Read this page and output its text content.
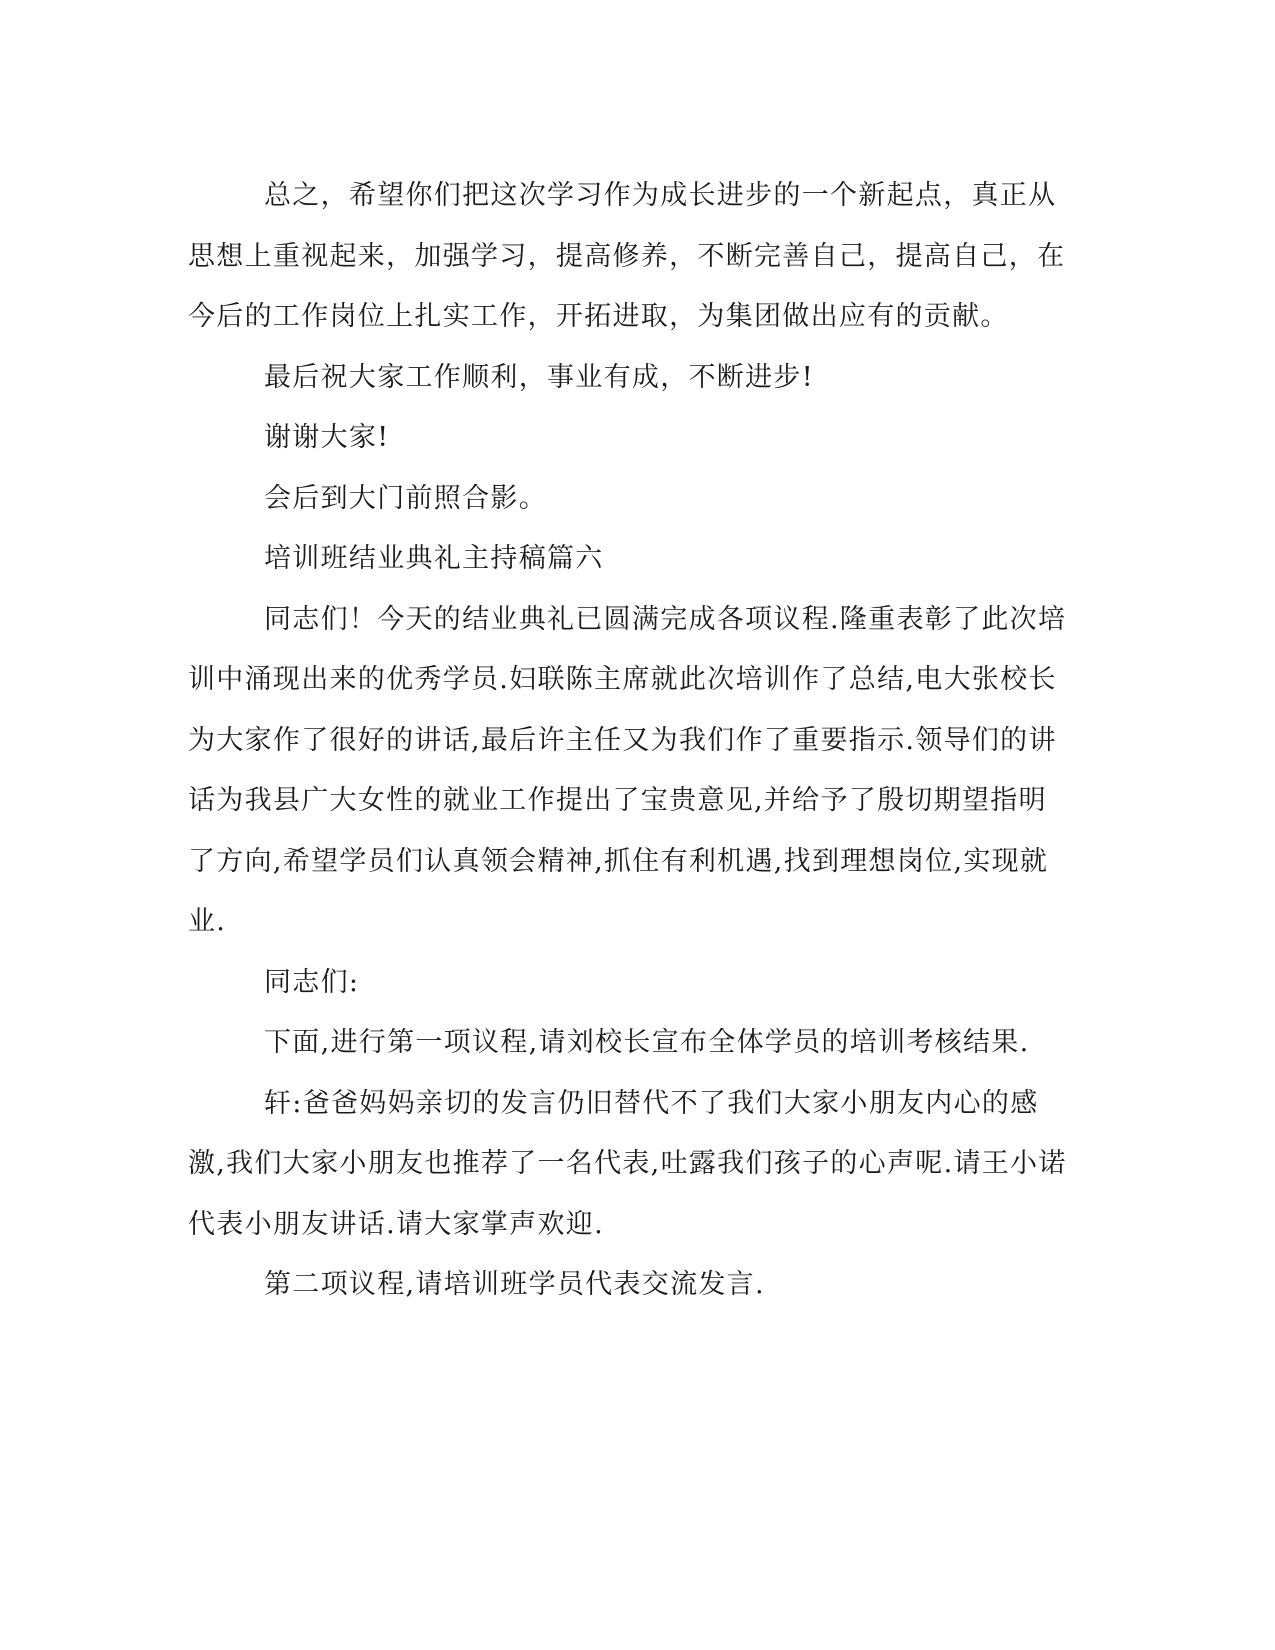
总之，希望你们把这次学习作为成长进步的一个新起点，真正从思想上重视起来，加强学习，提高修养，不断完善自己，提高自己，在今后的工作岗位上扎实工作，开拓进取，为集团做出应有的贡献。

最后祝大家工作顺利，事业有成，不断进步!

谢谢大家!

会后到大门前照合影。

培训班结业典礼主持稿篇六

同志们！今天的结业典礼已圆满完成各项议程.隆重表彰了此次培训中涌现出来的优秀学员.妇联陈主席就此次培训作了总结,电大张校长为大家作了很好的讲话,最后许主任又为我们作了重要指示.领导们的讲话为我县广大女性的就业工作提出了宝贵意见,并给予了殷切期望指明了方向,希望学员们认真领会精神,抓住有利机遇,找到理想岗位,实现就业.

同志们:

下面,进行第一项议程,请刘校长宣布全体学员的培训考核结果.

轩:爸爸妈妈亲切的发言仍旧替代不了我们大家小朋友内心的感激,我们大家小朋友也推荐了一名代表,吐露我们孩子的心声呢.请王小诺代表小朋友讲话.请大家掌声欢迎.

第二项议程,请培训班学员代表交流发言.
